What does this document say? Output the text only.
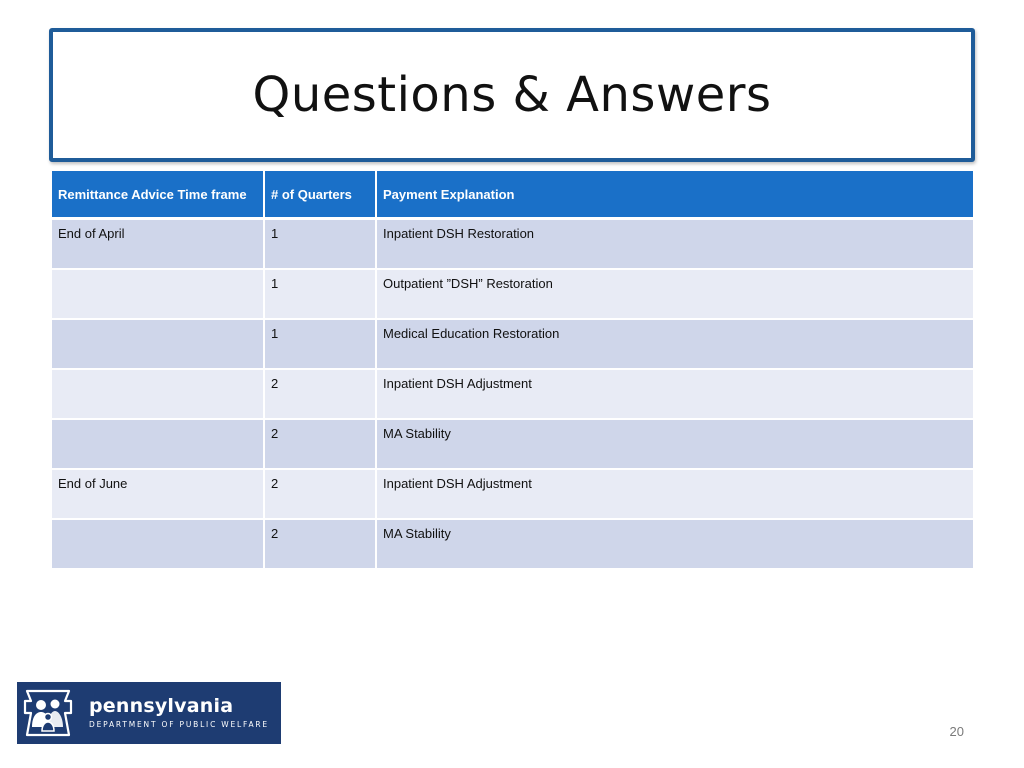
Questions & Answers
Remittance Advice Time frame	# of Quarters	Payment Explanation
End of April	1	Inpatient DSH Restoration
	1	Outpatient ”DSH” Restoration
	1	Medical Education Restoration
	2	Inpatient DSH Adjustment
	2	MA Stability
End of June	2	Inpatient DSH Adjustment
	2	MA Stability
pennsylvania
DEPARTMENT OF PUBLIC WELFARE	20
